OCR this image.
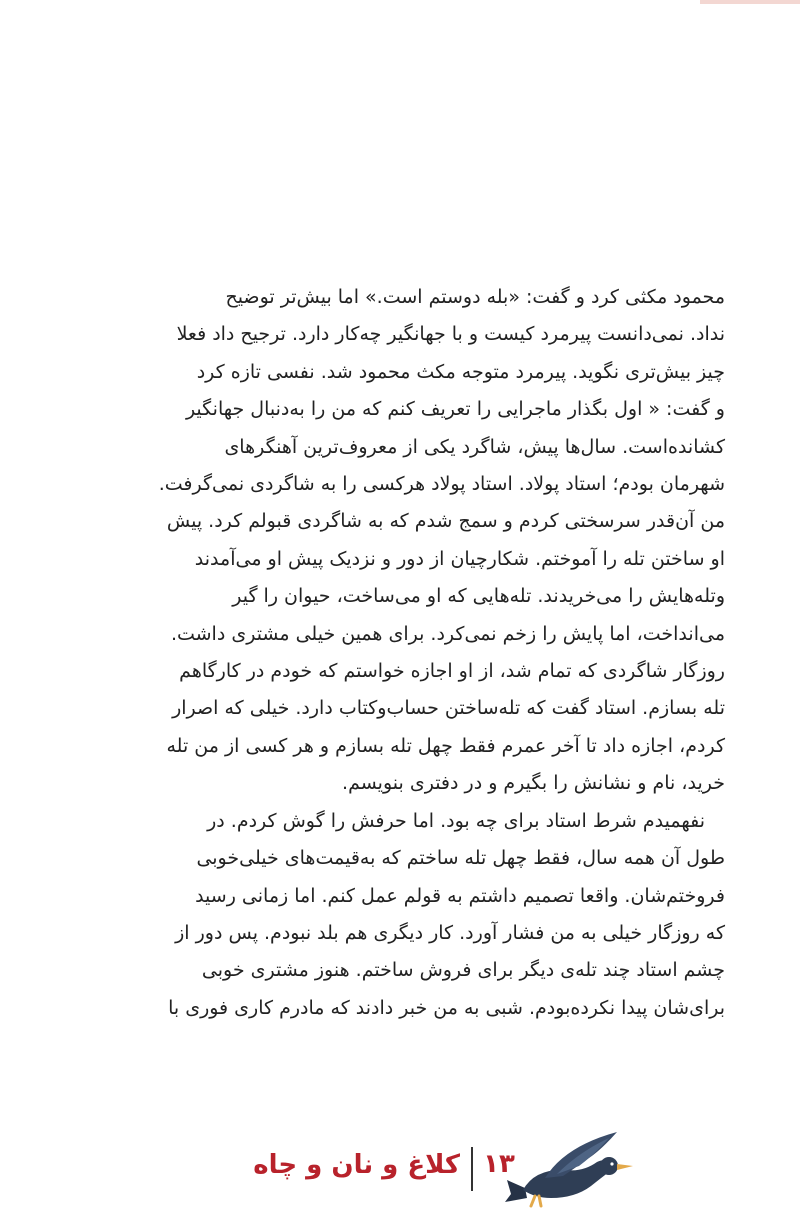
محمود مکثی کرد و گفت: «بله دوستم است.» اما بیش‌تر توضیح
نداد. نمی‌دانست پیرمرد کیست و با جهانگیر چه‌کار دارد. ترجیح داد فعلا
چیز بیش‌تری نگوید. پیرمرد متوجه مکث محمود شد. نفسی تازه کرد
و گفت: « اول بگذار ماجرایی را تعریف کنم که من را به‌دنبال جهانگیر
کشانده‌است. سال‌ها پیش، شاگرد یکی از معروف‌ترین آهنگرهای
شهرمان بودم؛ استاد پولاد. استاد پولاد هرکسی را به شاگردی نمی‌گرفت.
من آن‌قدر سرسختی کردم و سمج شدم که به شاگردی قبولم کرد. پیش
او ساختن تله را آموختم. شکارچیان از دور و نزدیک پیش او می‌آمدند
وتله‌هایش را می‌خریدند. تله‌هایی که او می‌ساخت، حیوان را گیر
می‌انداخت، اما پایش را زخم نمی‌کرد. برای همین خیلی مشتری داشت.
روزگار شاگردی که تمام شد، از او اجازه خواستم که خودم در کارگاهم
تله بسازم. استاد گفت که تله‌ساختن حساب‌وکتاب دارد. خیلی که اصرار
کردم، اجازه داد تا آخر عمرم فقط چهل تله بسازم و هر کسی از من تله
خرید، نام و نشانش را بگیرم و در دفتری بنویسم.

نفهمیدم شرط استاد برای چه بود. اما حرفش را گوش کردم. در
طول آن همه سال، فقط چهل تله ساختم که به‌قیمت‌های خیلی‌خوبی
فروختم‌شان. واقعا تصمیم داشتم به قولم عمل کنم. اما زمانی رسید
که روزگار خیلی به من فشار آورد. کار دیگری هم بلد نبودم. پس دور از
چشم استاد چند تله‌ی دیگر برای فروش ساختم. هنوز مشتری خوبی
برای‌شان پیدا نکرده‌بودم. شبی به من خبر دادند که مادرم کاری فوری با

کلاغ و نان و چاه ۱۳
